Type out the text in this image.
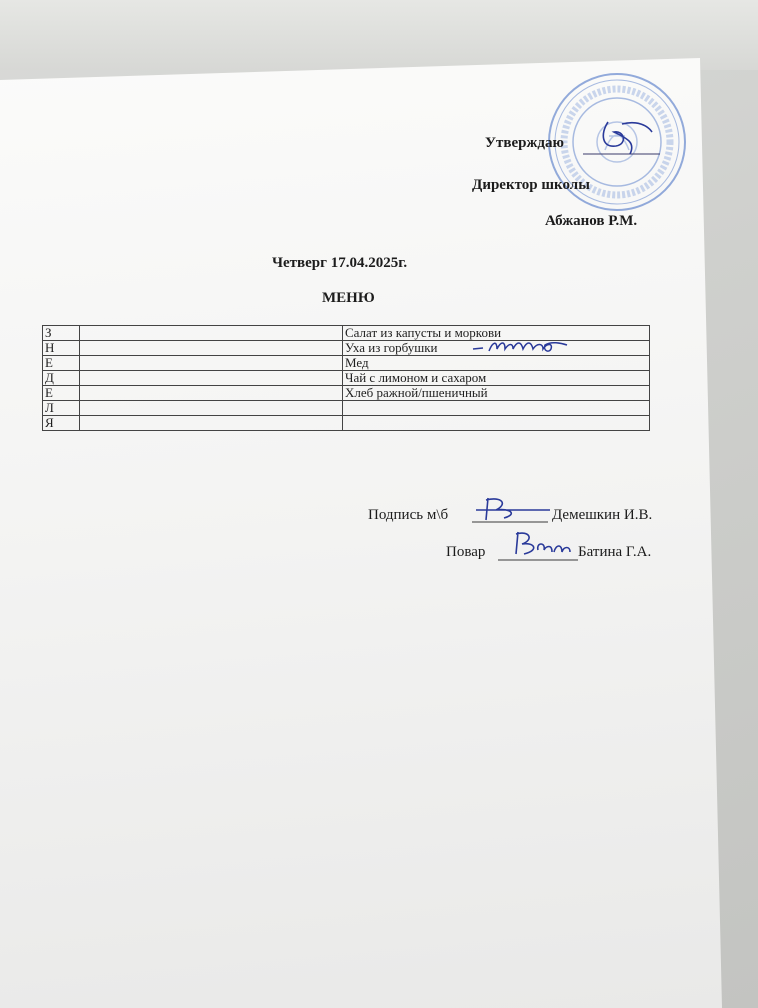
Утверждаю
Директор школы
Абжанов Р.М.
Четверг 17.04.2025г.
МЕНЮ
З		Салат из капусты и моркови
Н		Уха из горбушки

Е		Мед
Д		Чай с лимоном и сахаром
Е		Хлеб ражной/пшеничный
Л		
Я		
Подпись м\б	Демешкин И.В.
Повар	Батина Г.А.
